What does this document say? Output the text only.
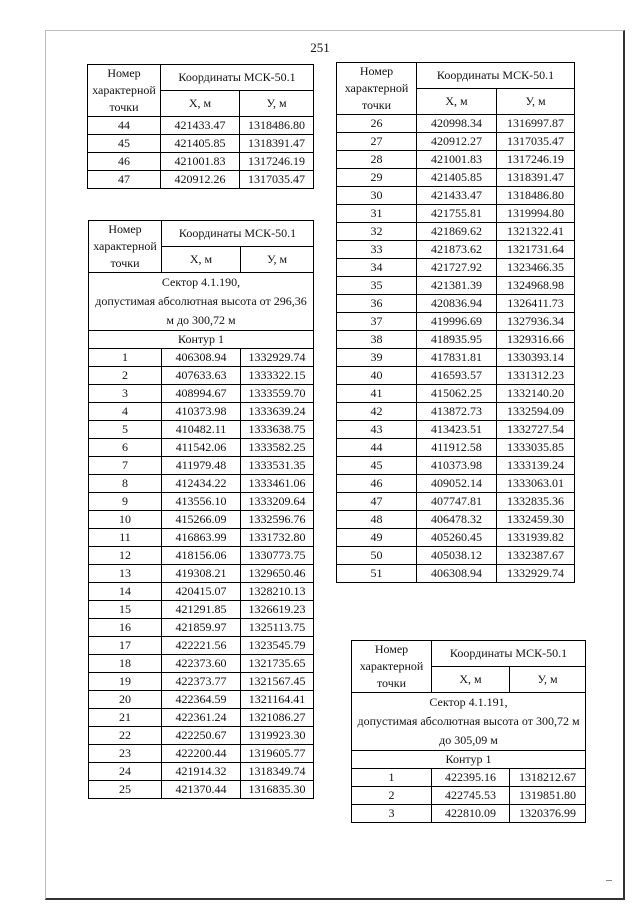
251
Номер характерной точки	Координаты МСК-50.1	
	X, м	У, м
44	421433.47	1318486.80
45	421405.85	1318391.47
46	421001.83	1317246.19
47	420912.26	1317035.47
Номер характерной точки	Координаты МСК-50.1	
	X, м	У, м
Сектор 4.1.190,
допустимая абсолютная высота от 296,36 м до 300,72 м		
Контур 1		
1	406308.94	1332929.74
2	407633.63	1333322.15
3	408994.67	1333559.70
4	410373.98	1333639.24
5	410482.11	1333638.75
6	411542.06	1333582.25
7	411979.48	1333531.35
8	412434.22	1333461.06
9	413556.10	1333209.64
10	415266.09	1332596.76
11	416863.99	1331732.80
12	418156.06	1330773.75
13	419308.21	1329650.46
14	420415.07	1328210.13
15	421291.85	1326619.23
16	421859.97	1325113.75
17	422221.56	1323545.79
18	422373.60	1321735.65
19	422373.77	1321567.45
20	422364.59	1321164.41
21	422361.24	1321086.27
22	422250.67	1319923.30
23	422200.44	1319605.77
24	421914.32	1318349.74
25	421370.44	1316835.30
Номер характерной точки	Координаты МСК-50.1	
	X, м	У, м
26	420998.34	1316997.87
27	420912.27	1317035.47
28	421001.83	1317246.19
29	421405.85	1318391.47
30	421433.47	1318486.80
31	421755.81	1319994.80
32	421869.62	1321322.41
33	421873.62	1321731.64
34	421727.92	1323466.35
35	421381.39	1324968.98
36	420836.94	1326411.73
37	419996.69	1327936.34
38	418935.95	1329316.66
39	417831.81	1330393.14
40	416593.57	1331312.23
41	415062.25	1332140.20
42	413872.73	1332594.09
43	413423.51	1332727.54
44	411912.58	1333035.85
45	410373.98	1333139.24
46	409052.14	1333063.01
47	407747.81	1332835.36
48	406478.32	1332459.30
49	405260.45	1331939.82
50	405038.12	1332387.67
51	406308.94	1332929.74
Номер характерной точки	Координаты МСК-50.1	
	X, м	У, м
Сектор 4.1.191,
допустимая абсолютная высота от 300,72 м до 305,09 м		
Контур 1		
1	422395.16	1318212.67
2	422745.53	1319851.80
3	422810.09	1320376.99
